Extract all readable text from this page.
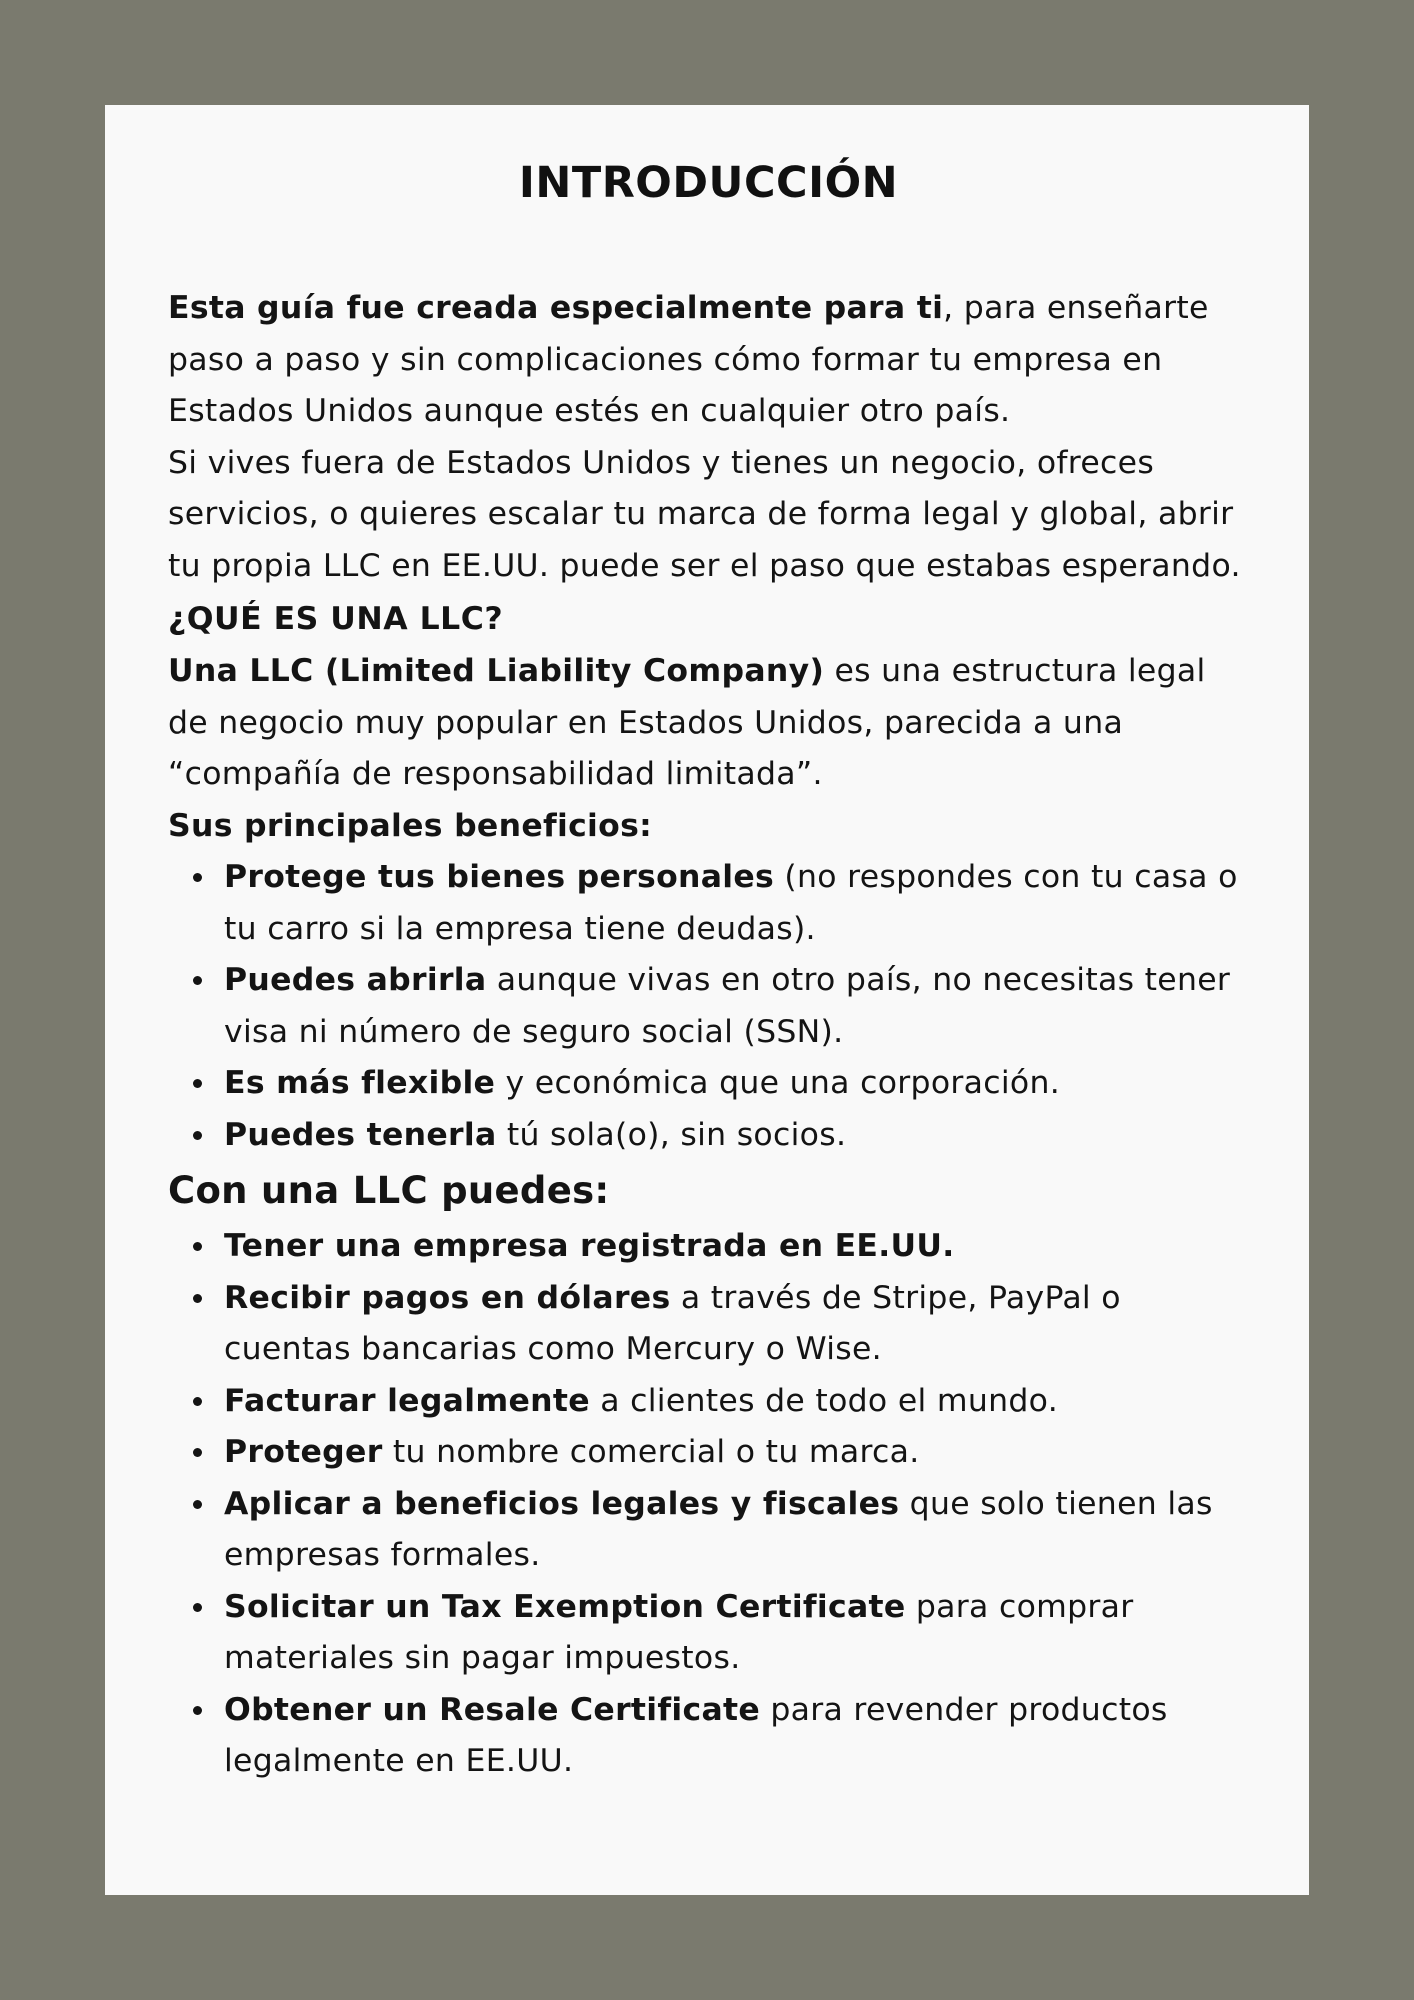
INTRODUCCIÓN

Esta guía fue creada especialmente para ti, para enseñarte paso a paso y sin complicaciones cómo formar tu empresa en Estados Unidos aunque estés en cualquier otro país.

Si vives fuera de Estados Unidos y tienes un negocio, ofreces servicios, o quieres escalar tu marca de forma legal y global, abrir tu propia LLC en EE.UU. puede ser el paso que estabas esperando.

¿QUÉ ES UNA LLC?

Una LLC (Limited Liability Company) es una estructura legal de negocio muy popular en Estados Unidos, parecida a una “compañía de responsabilidad limitada”.

Sus principales beneficios:

Protege tus bienes personales (no respondes con tu casa o tu carro si la empresa tiene deudas).
Puedes abrirla aunque vivas en otro país, no necesitas tener visa ni número de seguro social (SSN).
Es más flexible y económica que una corporación.
Puedes tenerla tú sola(o), sin socios.
Con una LLC puedes:
Tener una empresa registrada en EE.UU.
Recibir pagos en dólares a través de Stripe, PayPal o cuentas bancarias como Mercury o Wise.
Facturar legalmente a clientes de todo el mundo.
Proteger tu nombre comercial o tu marca.
Aplicar a beneficios legales y fiscales que solo tienen las empresas formales.
Solicitar un Tax Exemption Certificate para comprar materiales sin pagar impuestos.
Obtener un Resale Certificate para revender productos legalmente en EE.UU.
